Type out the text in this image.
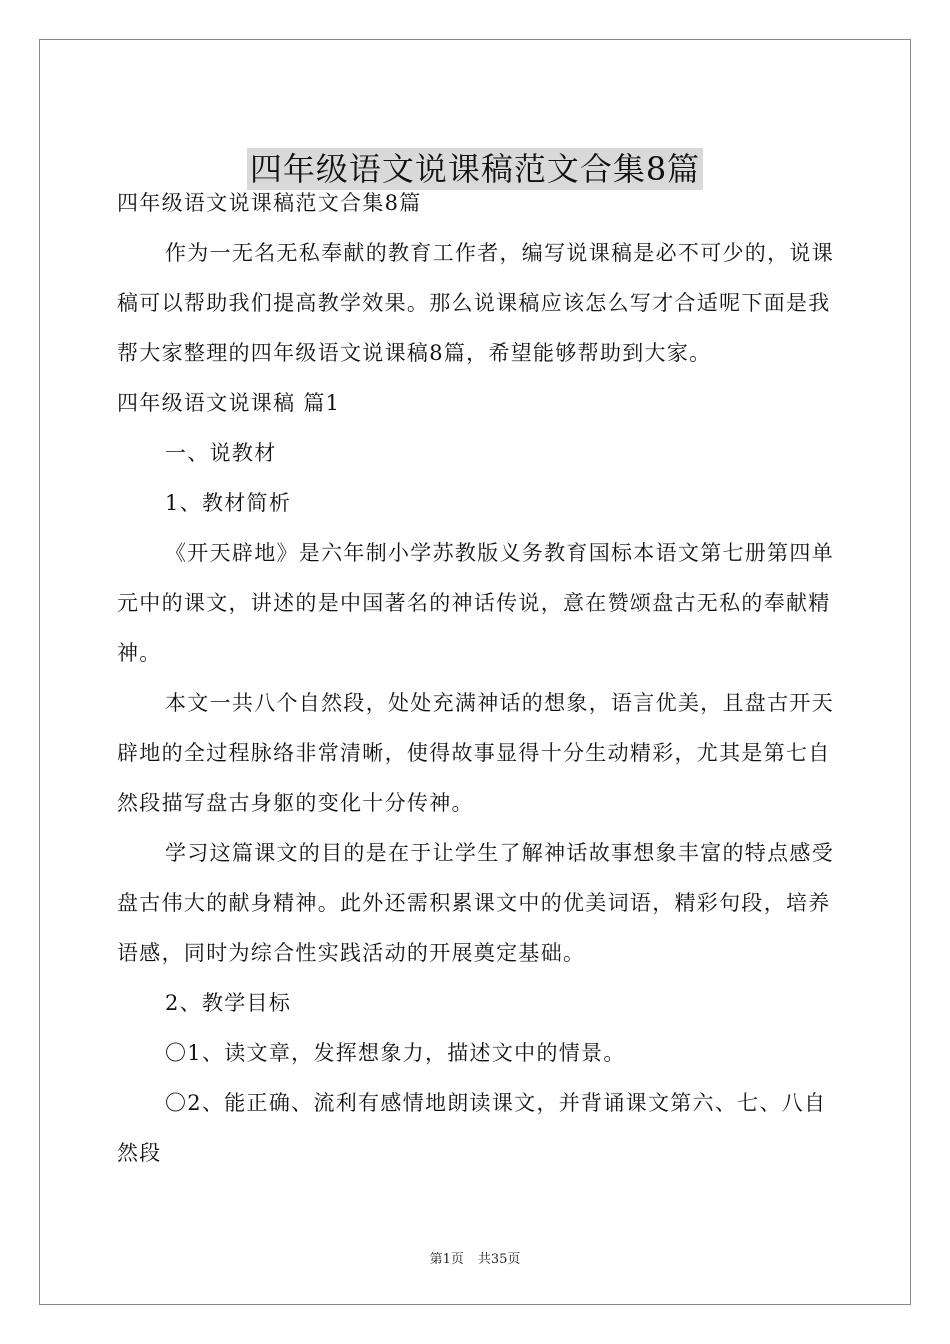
四年级语文说课稿范文合集8篇

四年级语文说课稿范文合集8篇

作为一无名无私奉献的教育工作者，编写说课稿是必不可少的，说课稿可以帮助我们提高教学效果。那么说课稿应该怎么写才合适呢下面是我帮大家整理的四年级语文说课稿8篇，希望能够帮助到大家。

四年级语文说课稿 篇1

一、说教材

1、教材简析

《开天辟地》是六年制小学苏教版义务教育国标本语文第七册第四单元中的课文，讲述的是中国著名的神话传说，意在赞颂盘古无私的奉献精神。

本文一共八个自然段，处处充满神话的想象，语言优美，且盘古开天辟地的全过程脉络非常清晰，使得故事显得十分生动精彩，尤其是第七自然段描写盘古身躯的变化十分传神。

学习这篇课文的目的是在于让学生了解神话故事想象丰富的特点感受盘古伟大的献身精神。此外还需积累课文中的优美词语，精彩句段，培养语感，同时为综合性实践活动的开展奠定基础。

2、教学目标

〇1、读文章，发挥想象力，描述文中的情景。

〇2、能正确、流利有感情地朗读课文，并背诵课文第六、七、八自然段

第1页 共35页
